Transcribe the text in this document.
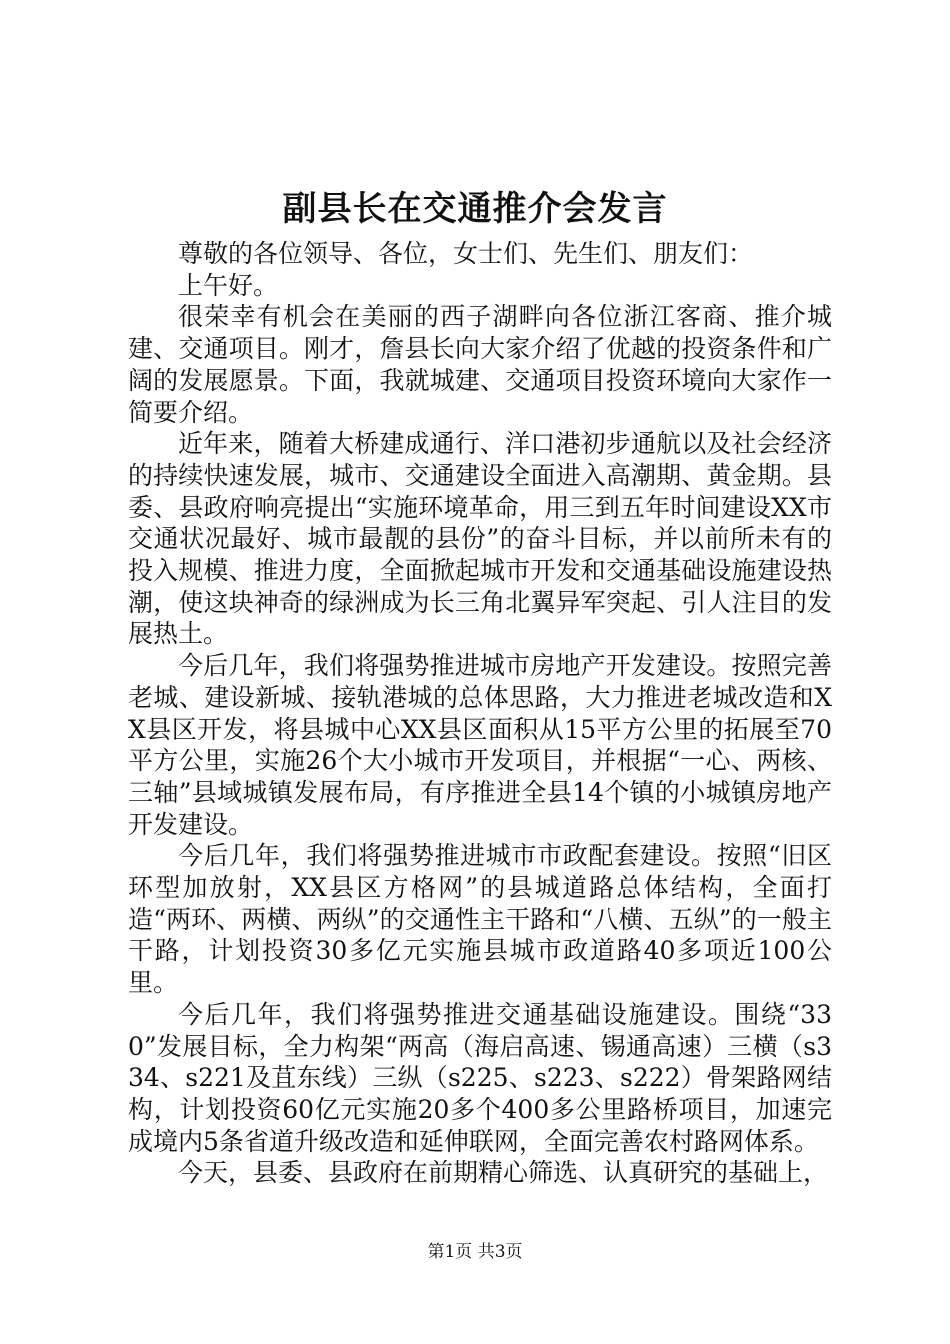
副县长在交通推介会发言

尊敬的各位领导、各位，女士们、先生们、朋友们：

上午好。

很荣幸有机会在美丽的西子湖畔向各位浙江客商、推介城建、交通项目。刚才，詹县长向大家介绍了优越的投资条件和广阔的发展愿景。下面，我就城建、交通项目投资环境向大家作一简要介绍。

近年来，随着大桥建成通行、洋口港初步通航以及社会经济的持续快速发展，城市、交通建设全面进入高潮期、黄金期。县委、县政府响亮提出“实施环境革命，用三到五年时间建设XX市交通状况最好、城市最靓的县份”的奋斗目标，并以前所未有的投入规模、推进力度，全面掀起城市开发和交通基础设施建设热潮，使这块神奇的绿洲成为长三角北翼异军突起、引人注目的发展热土。

今后几年，我们将强势推进城市房地产开发建设。按照完善老城、建设新城、接轨港城的总体思路，大力推进老城改造和XX县区开发，将县城中心XX县区面积从15平方公里的拓展至70平方公里，实施26个大小城市开发项目，并根据“一心、两核、三轴”县域城镇发展布局，有序推进全县14个镇的小城镇房地产开发建设。

今后几年，我们将强势推进城市市政配套建设。按照“旧区环型加放射，XX县区方格网”的县城道路总体结构，全面打造“两环、两横、两纵”的交通性主干路和“八横、五纵”的一般主干路，计划投资30多亿元实施县城市政道路40多项近100公里。

今后几年，我们将强势推进交通基础设施建设。围绕“330”发展目标，全力构架“两高（海启高速、锡通高速）三横（s334、s221及苴东线）三纵（s225、s223、s222）骨架路网结构，计划投资60亿元实施20多个400多公里路桥项目，加速完成境内5条省道升级改造和延伸联网，全面完善农村路网体系。

今天，县委、县政府在前期精心筛选、认真研究的基础上，

第1页 共3页
